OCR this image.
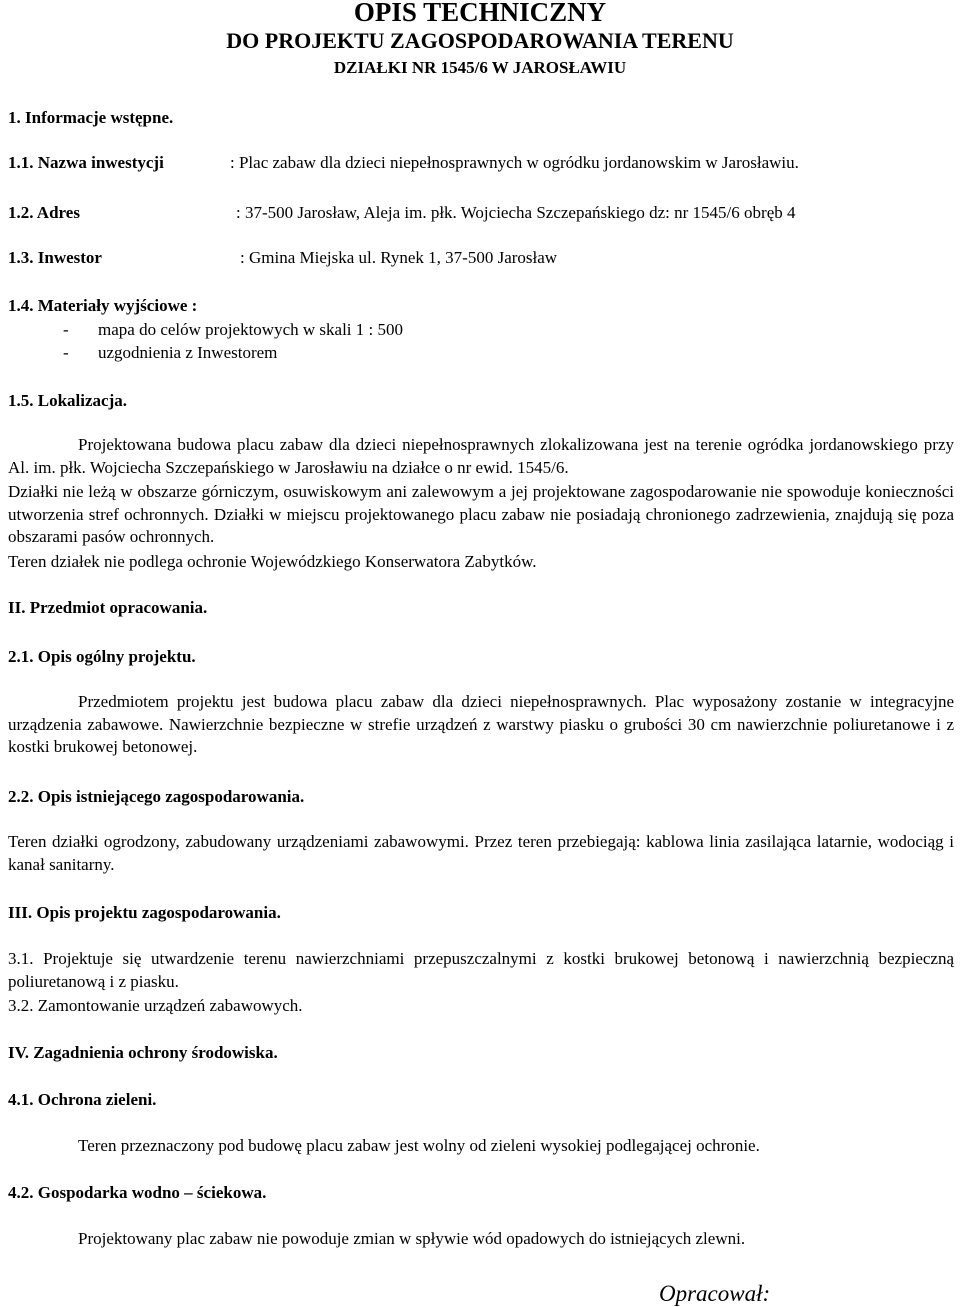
OPIS TECHNICZNY
DO PROJEKTU ZAGOSPODAROWANIA TERENU
DZIAŁKI NR 1545/6 W JAROSŁAWIU
1. Informacje wstępne.
1.1. Nazwa inwestycji	: Plac zabaw dla dzieci niepełnosprawnych w ogródku jordanowskim w Jarosławiu.
1.2. Adres	: 37-500 Jarosław, Aleja im. płk. Wojciecha Szczepańskiego dz: nr 1545/6 obręb 4
1.3. Inwestor	: Gmina Miejska ul. Rynek 1, 37-500 Jarosław
1.4. Materiały wyjściowe :
- mapa do celów projektowych w skali 1 : 500
- uzgodnienia z Inwestorem
1.5. Lokalizacja.

Projektowana budowa placu zabaw dla dzieci niepełnosprawnych zlokalizowana jest na terenie ogródka jordanowskiego przy Al. im. płk. Wojciecha Szczepańskiego w Jarosławiu na działce o nr ewid. 1545/6.

Działki nie leżą w obszarze górniczym, osuwiskowym ani zalewowym a jej projektowane zagospodarowanie nie spowoduje konieczności utworzenia stref ochronnych. Działki w miejscu projektowanego placu zabaw nie posiadają chronionego zadrzewienia, znajdują się poza obszarami pasów ochronnych.

Teren działek nie podlega ochronie Wojewódzkiego Konserwatora Zabytków.

II. Przedmiot opracowania.
2.1. Opis ogólny projektu.

Przedmiotem projektu jest budowa placu zabaw dla dzieci niepełnosprawnych. Plac wyposażony zostanie w integracyjne urządzenia zabawowe. Nawierzchnie bezpieczne w strefie urządzeń z warstwy piasku o grubości 30 cm nawierzchnie poliuretanowe i z kostki brukowej betonowej.

2.2. Opis istniejącego zagospodarowania.

Teren działki ogrodzony, zabudowany urządzeniami zabawowymi. Przez teren przebiegają: kablowa linia zasilająca latarnie, wodociąg i kanał sanitarny.

III. Opis projektu zagospodarowania.

3.1. Projektuje się utwardzenie terenu nawierzchniami przepuszczalnymi z kostki brukowej betonową i nawierzchnią bezpieczną poliuretanową i z piasku.

3.2. Zamontowanie urządzeń zabawowych.

IV. Zagadnienia ochrony środowiska.
4.1. Ochrona zieleni.

Teren przeznaczony pod budowę placu zabaw jest wolny od zieleni wysokiej podlegającej ochronie.

4.2. Gospodarka wodno – ściekowa.

Projektowany plac zabaw nie powoduje zmian w spływie wód opadowych do istniejących zlewni.

Opracował:
